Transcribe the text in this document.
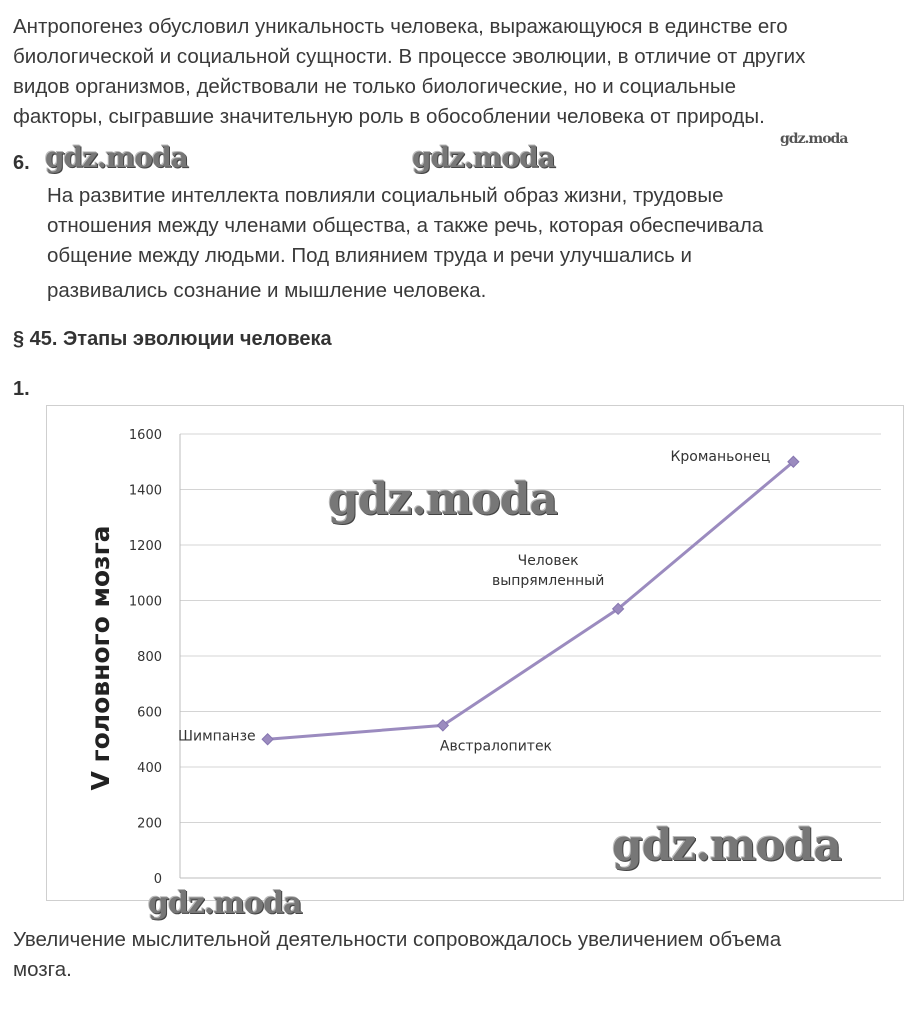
Антропогенез обусловил уникальность человека, выражающуюся в единстве его
биологической и социальной сущности. В процессе эволюции, в отличие от других
видов организмов, действовали не только биологические, но и социальные
факторы, сыгравшие значительную роль в обособлении человека от природы.
6.
На развитие интеллекта повлияли социальный образ жизни, трудовые
отношения между членами общества, а также речь, которая обеспечивала
общение между людьми. Под влиянием труда и речи улучшались и
развивались сознание и мышление человека.
§ 45. Этапы эволюции человека
1.
0
200
400
600
800
1000
1200
1400
1600
Шимпанзе
Австралопитек
Человек выпрямленный
Кроманьонец
V головного мозга
gdz.moda	gdz.moda
gdz.moda
gdz.moda
gdz.moda
gdz.moda
Увеличение мыслительной деятельности сопровождалось увеличением объема
мозга.
